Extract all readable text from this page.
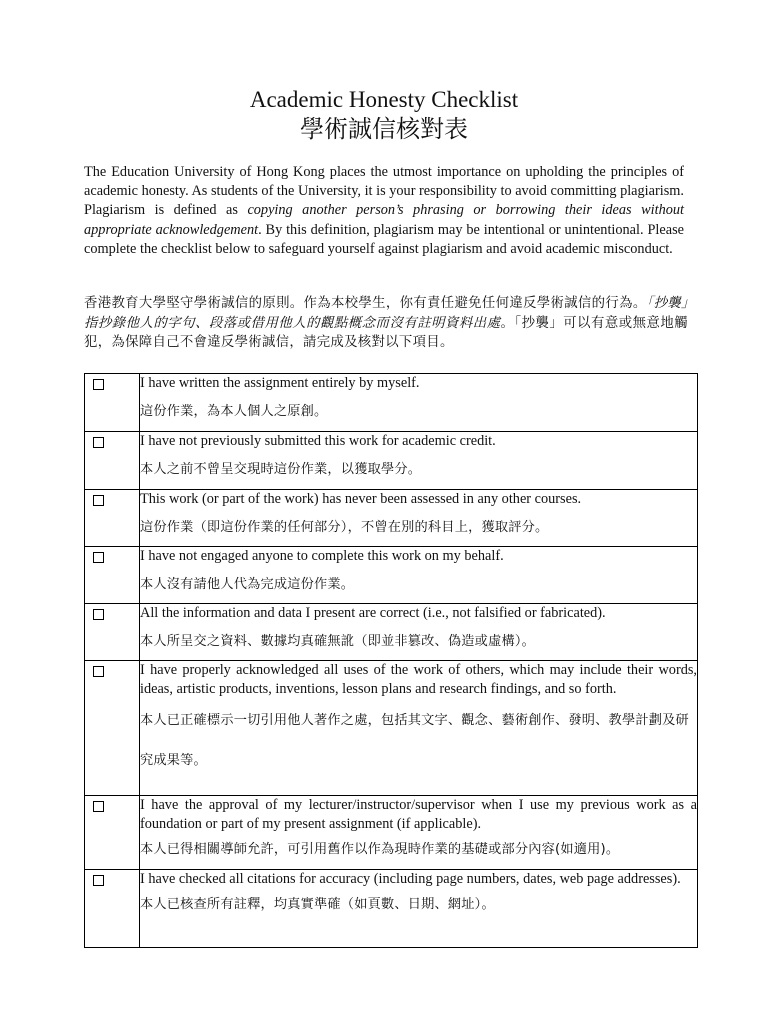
Academic Honesty Checklist
學術誠信核對表
The Education University of Hong Kong places the utmost importance on upholding the principles of academic honesty. As students of the University, it is your responsibility to avoid committing plagiarism. Plagiarism is defined as copying another person’s phrasing or borrowing their ideas without appropriate acknowledgement. By this definition, plagiarism may be intentional or unintentional. Please complete the checklist below to safeguard yourself against plagiarism and avoid academic misconduct.
香港教育大學堅守學術誠信的原則。作為本校學生，你有責任避免任何違反學術誠信的行為。「抄襲」指抄錄他人的字句、段落或借用他人的觀點概念而沒有註明資料出處。「抄襲」可以有意或無意地觸犯，為保障自己不會違反學術誠信，請完成及核對以下項目。

	I have written the assignment entirely by myself.
這份作業，為本人個人之原創。

	I have not previously submitted this work for academic credit.
本人之前不曾呈交現時這份作業，以獲取學分。

	This work (or part of the work) has never been assessed in any other courses.
這份作業（即這份作業的任何部分），不曾在別的科目上，獲取評分。

	I have not engaged anyone to complete this work on my behalf.
本人沒有請他人代為完成這份作業。

	All the information and data I present are correct (i.e., not falsified or fabricated).
本人所呈交之資料、數據均真確無訛（即並非篡改、偽造或虛構）。

	I have properly acknowledged all uses of the work of others, which may include their words, ideas, artistic products, inventions, lesson plans and research findings, and so forth.
本人已正確標示一切引用他人著作之處，包括其文字、觀念、藝術創作、發明、教學計劃及研究成果等。

	I have the approval of my lecturer/instructor/supervisor when I use my previous work as a foundation or part of my present assignment (if applicable).
本人已得相關導師允許，可引用舊作以作為現時作業的基礎或部分內容(如適用)。

	I have checked all citations for accuracy (including page numbers, dates, web page addresses).
本人已核查所有註釋，均真實準確（如頁數、日期、網址）。
